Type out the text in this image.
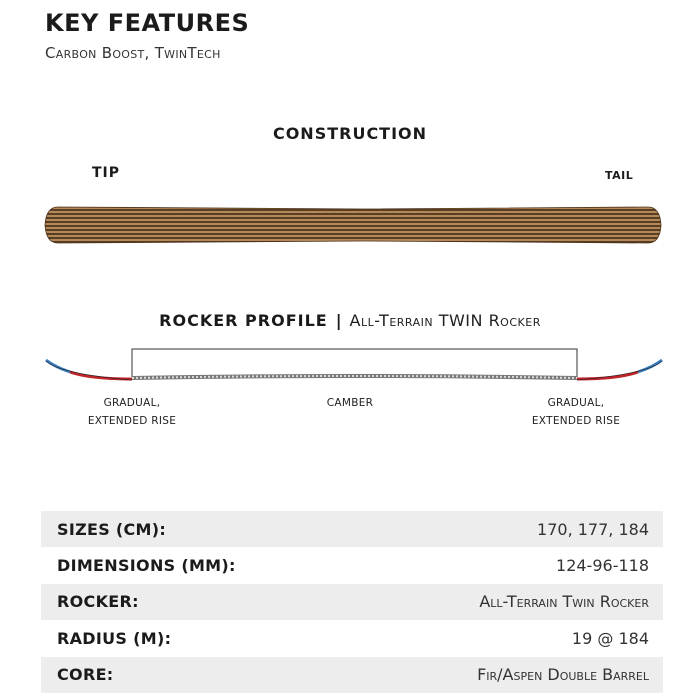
KEY FEATURES
Carbon Boost, TwinTech
CONSTRUCTION
TIP	TAIL
ROCKER PROFILE | All-Terrain TWIN Rocker
GRADUAL,
EXTENDED RISE
CAMBER	GRADUAL,
EXTENDED RISE
SIZES (CM):	170, 177, 184
DIMENSIONS (MM):	124-96-118
ROCKER:	All-Terrain Twin Rocker
RADIUS (M):	19 @ 184
CORE:	Fir/Aspen Double Barrel
